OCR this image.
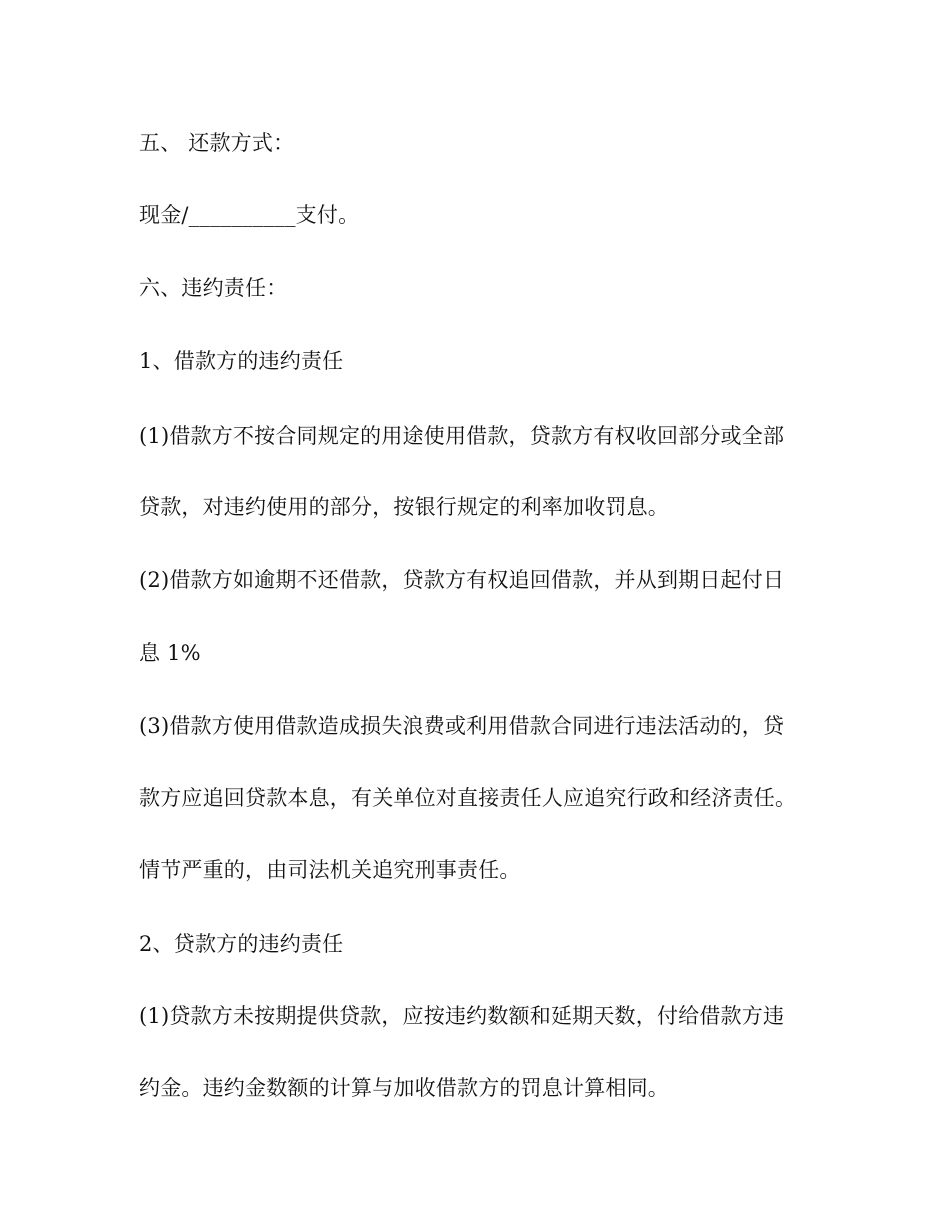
五、 还款方式：
现金/__________支付。
六、违约责任：
1、借款方的违约责任
(1)借款方不按合同规定的用途使用借款，贷款方有权收回部分或全部
贷款，对违约使用的部分，按银行规定的利率加收罚息。
(2)借款方如逾期不还借款，贷款方有权追回借款，并从到期日起付日
息 1%
(3)借款方使用借款造成损失浪费或利用借款合同进行违法活动的，贷
款方应追回贷款本息，有关单位对直接责任人应追究行政和经济责任。
情节严重的，由司法机关追究刑事责任。
2、贷款方的违约责任
(1)贷款方未按期提供贷款，应按违约数额和延期天数，付给借款方违
约金。违约金数额的计算与加收借款方的罚息计算相同。
